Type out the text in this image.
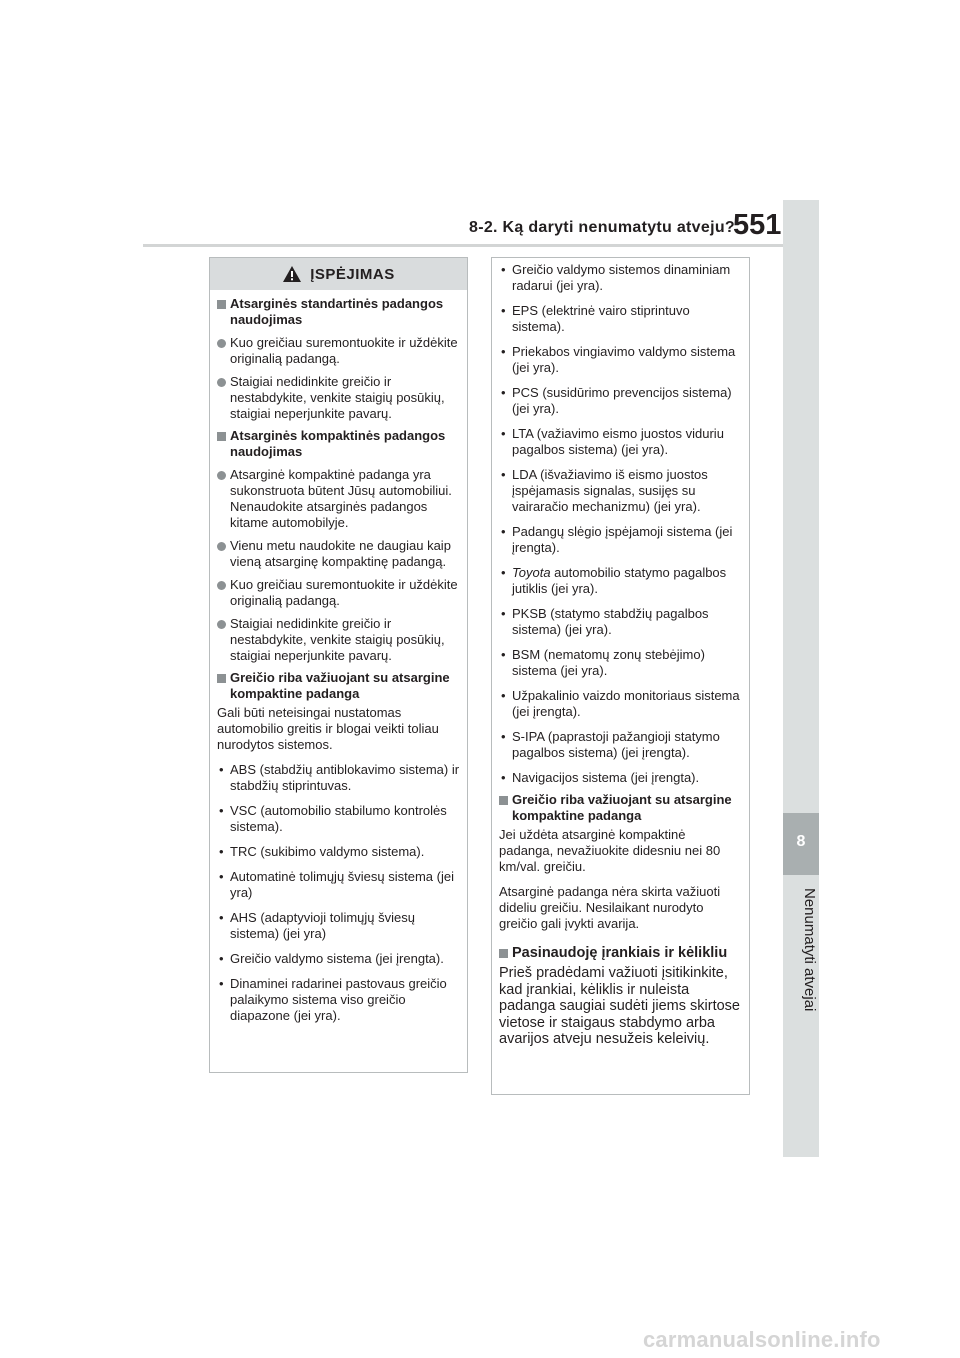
8-2. Ką daryti nenumatytu atveju?
551
8
Nenumatyti atvejai
ĮSPĖJIMAS
Atsarginės standartinės padangos naudojimas
Kuo greičiau suremontuokite ir uždėkite originalią padangą.
Staigiai nedidinkite greičio ir nestabdykite, venkite staigių posūkių, staigiai neperjunkite pavarų.
Atsarginės kompaktinės padangos naudojimas
Atsarginė kompaktinė padanga yra sukonstruota būtent Jūsų automobiliui. Nenaudokite atsarginės padangos kitame automobilyje.
Vienu metu naudokite ne daugiau kaip vieną atsarginę kompaktinę padangą.
Kuo greičiau suremontuokite ir uždėkite originalią padangą.
Staigiai nedidinkite greičio ir nestabdykite, venkite staigių posūkių, staigiai neperjunkite pavarų.
Greičio riba važiuojant su atsargine kompaktine padanga
Gali būti neteisingai nustatomas automobilio greitis ir blogai veikti toliau nurodytos sistemos.
• ABS (stabdžių antiblokavimo sistema) ir stabdžių stiprintuvas.
• VSC (automobilio stabilumo kontrolės sistema).
• TRC (sukibimo valdymo sistema).
• Automatinė tolimųjų šviesų sistema (jei yra)
• AHS (adaptyvioji tolimųjų šviesų sistema) (jei yra)
• Greičio valdymo sistema (jei įrengta).
• Dinaminei radarinei pastovaus greičio palaikymo sistema viso greičio diapazone (jei yra).
• Greičio valdymo sistemos dinaminiam radarui (jei yra).
• EPS (elektrinė vairo stiprintuvo sistema).
• Priekabos vingiavimo valdymo sistema (jei yra).
• PCS (susidūrimo prevencijos sistema) (jei yra).
• LTA (važiavimo eismo juostos viduriu pagalbos sistema) (jei yra).
• LDA (išvažiavimo iš eismo juostos įspėjamasis signalas, susijęs su vairaračio mechanizmu) (jei yra).
• Padangų slėgio įspėjamoji sistema (jei įrengta).
• Toyota automobilio statymo pagalbos jutiklis (jei yra).
• PKSB (statymo stabdžių pagalbos sistema) (jei yra).
• BSM (nematomų zonų stebėjimo) sistema (jei yra).
• Užpakalinio vaizdo monitoriaus sistema (jei įrengta).
• S-IPA (paprastoji pažangioji statymo pagalbos sistema) (jei įrengta).
• Navigacijos sistema (jei įrengta).
Greičio riba važiuojant su atsargine kompaktine padanga
Jei uždėta atsarginė kompaktinė padanga, nevažiuokite didesniu nei 80 km/val. greičiu.
Atsarginė padanga nėra skirta važiuoti dideliu greičiu. Nesilaikant nurodyto greičio gali įvykti avarija.
Pasinaudoję įrankiais ir kėlikliu
Prieš pradėdami važiuoti įsitikinkite, kad įrankiai, kėliklis ir nuleista padanga saugiai sudėti jiems skirtose vietose ir staigaus stabdymo arba avarijos atveju nesužeis keleivių.
carmanualsonline.info
